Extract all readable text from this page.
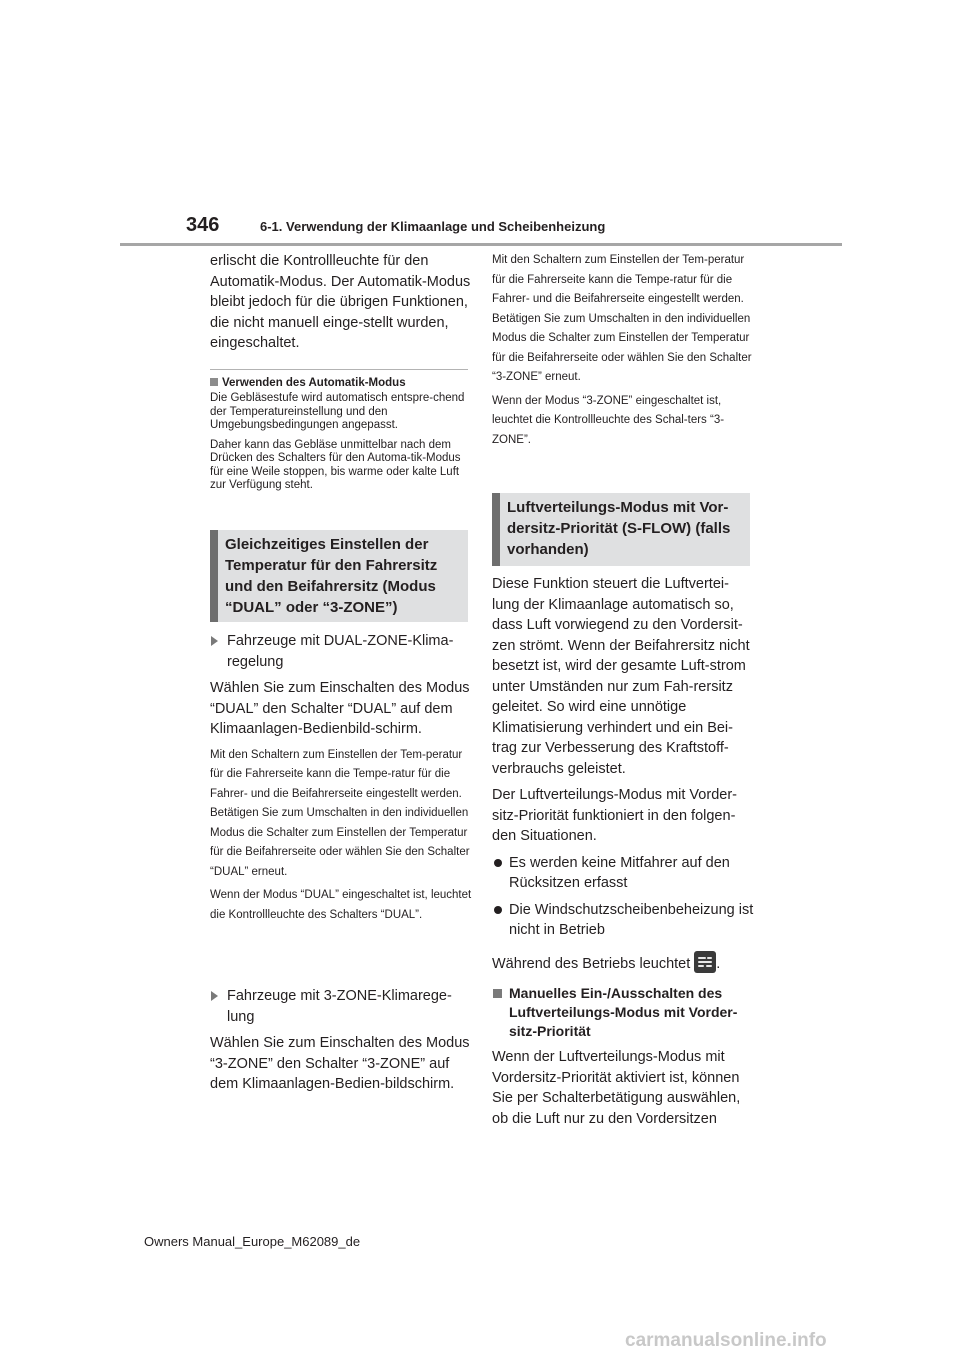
346	6-1. Verwendung der Klimaanlage und Scheibenheizung

erlischt die Kontrollleuchte für den Automatik-Modus. Der Automatik-Modus bleibt jedoch für die übrigen Funktionen, die nicht manuell einge-stellt wurden, eingeschaltet.

Verwenden des Automatik-Modus

Die Gebläsestufe wird automatisch entspre-chend der Temperatureinstellung und den Umgebungsbedingungen angepasst.

Daher kann das Gebläse unmittelbar nach dem Drücken des Schalters für den Automa-tik-Modus für eine Weile stoppen, bis warme oder kalte Luft zur Verfügung steht.

Gleichzeitiges Einstellen der Temperatur für den Fahrersitz und den Beifahrersitz (Modus “DUAL” oder “3-ZONE”)
Fahrzeuge mit DUAL-ZONE-Klima-regelung

Wählen Sie zum Einschalten des Modus “DUAL” den Schalter “DUAL” auf dem Klimaanlagen-Bedienbild-schirm.

Mit den Schaltern zum Einstellen der Tem-peratur für die Fahrerseite kann die Tempe-ratur für die Fahrer- und die Beifahrerseite eingestellt werden. Betätigen Sie zum Umschalten in den individuellen Modus die Schalter zum Einstellen der Temperatur für die Beifahrerseite oder wählen Sie den Schalter “DUAL” erneut.

Wenn der Modus “DUAL” eingeschaltet ist, leuchtet die Kontrollleuchte des Schalters “DUAL”.

Fahrzeuge mit 3-ZONE-Klimarege-lung

Wählen Sie zum Einschalten des Modus “3-ZONE” den Schalter “3-ZONE” auf dem Klimaanlagen-Bedien-bildschirm.

Mit den Schaltern zum Einstellen der Tem-peratur für die Fahrerseite kann die Tempe-ratur für die Fahrer- und die Beifahrerseite eingestellt werden. Betätigen Sie zum Umschalten in den individuellen Modus die Schalter zum Einstellen der Temperatur für die Beifahrerseite oder wählen Sie den Schalter “3-ZONE” erneut.

Wenn der Modus “3-ZONE” eingeschaltet ist, leuchtet die Kontrollleuchte des Schal-ters “3-ZONE”.

Luftverteilungs-Modus mit Vor-dersitz-Priorität (S-FLOW) (falls vorhanden)

Diese Funktion steuert die Luftvertei-lung der Klimaanlage automatisch so, dass Luft vorwiegend zu den Vordersit-zen strömt. Wenn der Beifahrersitz nicht besetzt ist, wird der gesamte Luft-strom unter Umständen nur zum Fah-rersitz geleitet. So wird eine unnötige Klimatisierung verhindert und ein Bei-trag zur Verbesserung des Kraftstoff-verbrauchs geleistet.

Der Luftverteilungs-Modus mit Vorder-sitz-Priorität funktioniert in den folgen-den Situationen.

Es werden keine Mitfahrer auf den Rücksitzen erfasst
Die Windschutzscheibenbeheizung ist nicht in Betrieb

Während des Betriebs leuchtet .

Manuelles Ein-/Ausschalten des Luftverteilungs-Modus mit Vorder-sitz-Priorität

Wenn der Luftverteilungs-Modus mit Vordersitz-Priorität aktiviert ist, können Sie per Schalterbetätigung auswählen, ob die Luft nur zu den Vordersitzen

Owners Manual_Europe_M62089_de
carmanualsonline.info
